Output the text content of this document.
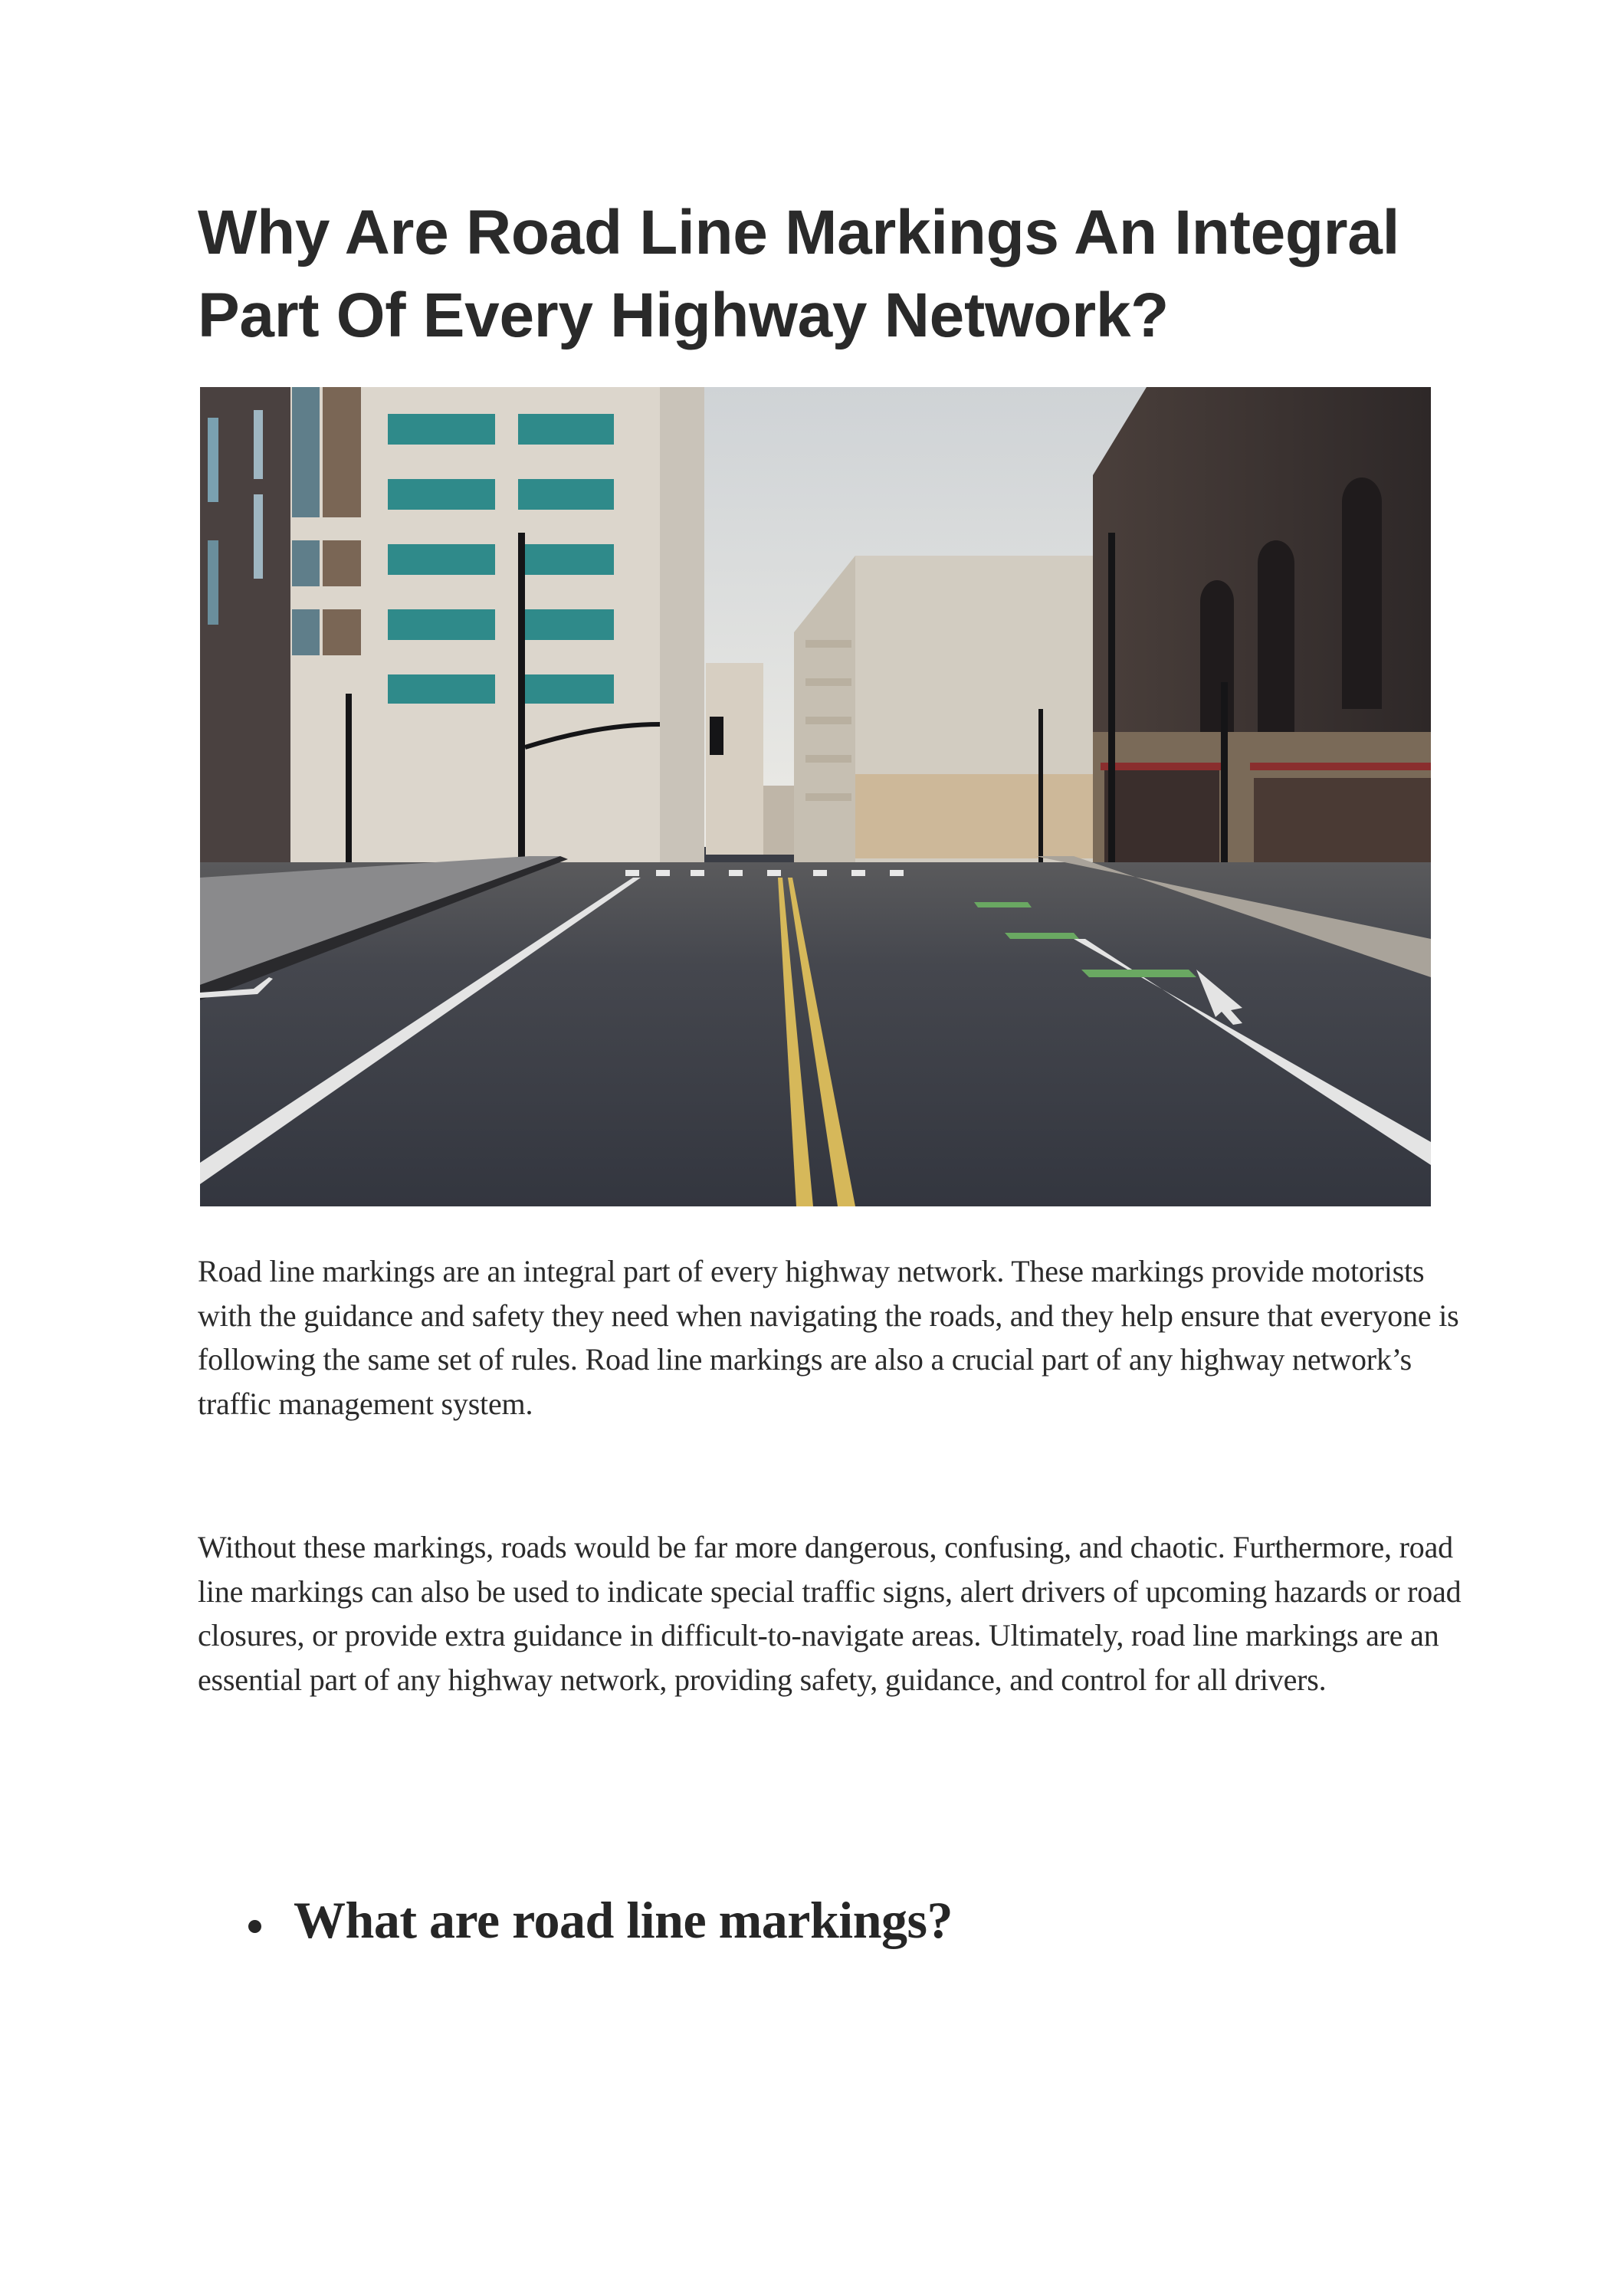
Why Are Road Line Markings An Integral Part Of Every Highway Network?

Road line markings are an integral part of every highway network. These markings provide motorists with the guidance and safety they need when navigating the roads, and they help ensure that everyone is following the same set of rules. Road line markings are also a crucial part of any highway network’s traffic management system.

Without these markings, roads would be far more dangerous, confusing, and chaotic. Furthermore, road line markings can also be used to indicate special traffic signs, alert drivers of upcoming hazards or road closures, or provide extra guidance in difficult-to-navigate areas. Ultimately, road line markings are an essential part of any highway network, providing safety, guidance, and control for all drivers.

What are road line markings?
